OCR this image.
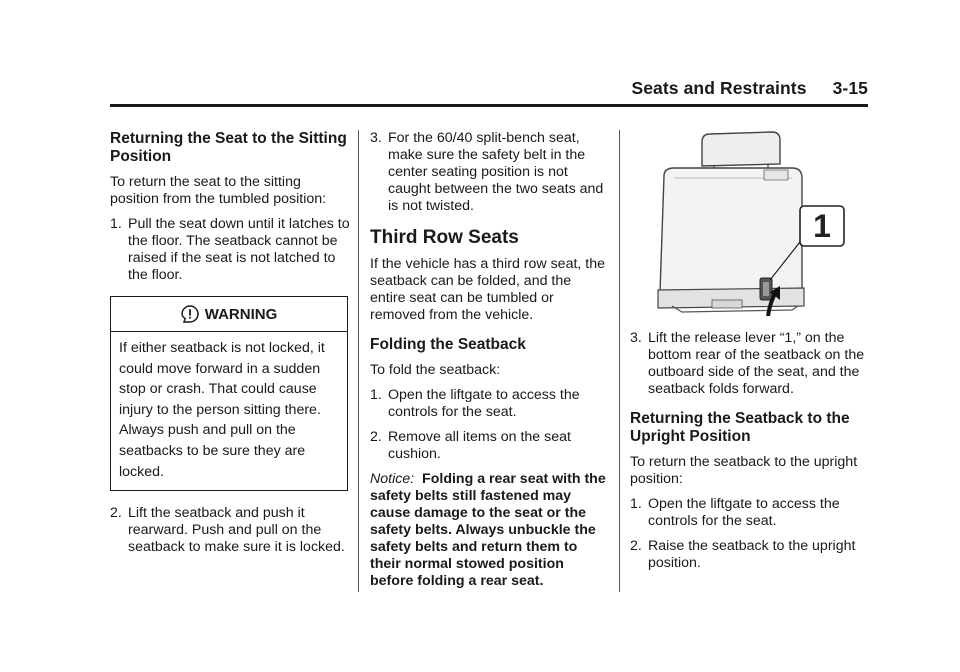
Seats and Restraints 3-15
Returning the Seat to the Sitting Position

To return the seat to the sitting position from the tumbled position:

1. Pull the seat down until it latches to the floor. The seatback cannot be raised if the seat is not latched to the floor.
WARNING
If either seatback is not locked, it could move forward in a sudden stop or crash. That could cause injury to the person sitting there. Always push and pull on the seatbacks to be sure they are locked.
2. Lift the seatback and push it rearward. Push and pull on the seatback to make sure it is locked.
3. For the 60/40 split-bench seat, make sure the safety belt in the center seating position is not caught between the two seats and is not twisted.
Third Row Seats

If the vehicle has a third row seat, the seatback can be folded, and the entire seat can be tumbled or removed from the vehicle.

Folding the Seatback

To fold the seatback:

1. Open the liftgate to access the controls for the seat.
2. Remove all items on the seat cushion.

Notice: Folding a rear seat with the safety belts still fastened may cause damage to the seat or the safety belts. Always unbuckle the safety belts and return them to their normal stowed position before folding a rear seat.

1
3. Lift the release lever “1,” on the bottom rear of the seatback on the outboard side of the seat, and the seatback folds forward.
Returning the Seatback to the Upright Position

To return the seatback to the upright position:

1. Open the liftgate to access the controls for the seat.
2. Raise the seatback to the upright position.
